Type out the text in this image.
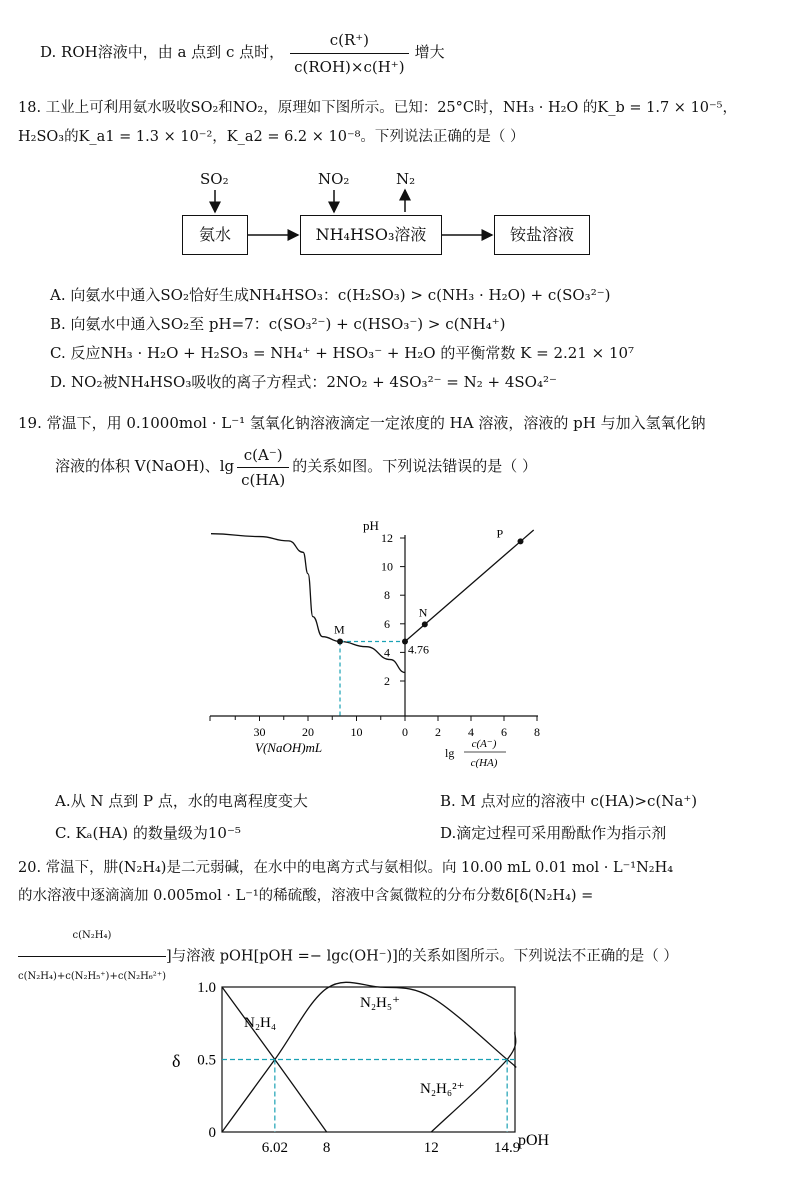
D. ROH溶液中，由 a 点到 c 点时， $\frac{c(R^+)}{\text{c(ROH)×c(H⁺)}}$ 增大
18. 工业上可利用氨水吸收SO₂和NO₂，原理如下图所示。已知：25°C时，NH₃ · H₂O 的K_b = 1.7 × 10⁻⁵，
H₂SO₃的K_a1 = 1.3 × 10⁻²，K_a2 = 6.2 × 10⁻⁸。下列说法正确的是（ ）
SO₂	NO₂	N₂
氨水	NH₄HSO₃溶液	铵盐溶液
A. 向氨水中通入SO₂恰好生成NH₄HSO₃：c(H₂SO₃) > c(NH₃ · H₂O) + c(SO₃²⁻)
B. 向氨水中通入SO₂至 pH=7：c(SO₃²⁻) + c(HSO₃⁻) > c(NH₄⁺)
C. 反应NH₃ · H₂O + H₂SO₃ = NH₄⁺ + HSO₃⁻ + H₂O 的平衡常数 K = 2.21 × 10⁷
D. NO₂被NH₄HSO₃吸收的离子方程式：2NO₂ + 4SO₃²⁻ = N₂ + 4SO₄²⁻
19. 常温下，用 0.1000mol · L⁻¹ 氢氧化钠溶液滴定一定浓度的 HA 溶液，溶液的 pH 与加入氢氧化钠
溶液的体积 V(NaOH)、$\lg \frac{c(A^-)}{c(HA)}$ 的关系如图。下列说法错误的是（ ）
pH
2
4
6
8
10
12
30	20	10	0 2 4 6 8
V(NaOH)mL	lg
c(A⁻)
c(HA)
M
N
P
4.76
A.从 N 点到 P 点，水的电离程度变大	B. M 点对应的溶液中 c(HA)>c(Na⁺)
C. Kₐ(HA) 的数量级为10⁻⁵	D.滴定过程可采用酚酞作为指示剂
20. 常温下，肼(N₂H₄)是二元弱碱，在水中的电离方式与氨相似。向 10.00 mL 0.01 mol · L⁻¹N₂H₄
的水溶液中逐滴滴加 0.005mol · L⁻¹的稀硫酸，溶液中含氮微粒的分布分数δ[δ(N₂H₄) =
$\frac{\text{c(N₂H₄)}}{\text{c(N₂H₄)+c(N₂H₅⁺)+c(N₂H₆²⁺)}}$ ]与溶液 pOH[pOH =− lgc(OH⁻)]的关系如图所示。下列说法不正确的是（ ）
δ
1.0
0.5
0
6.02 8	12	14.9
pOH
N₂H₄
N₂H₅⁺
N₂H₆²⁺
